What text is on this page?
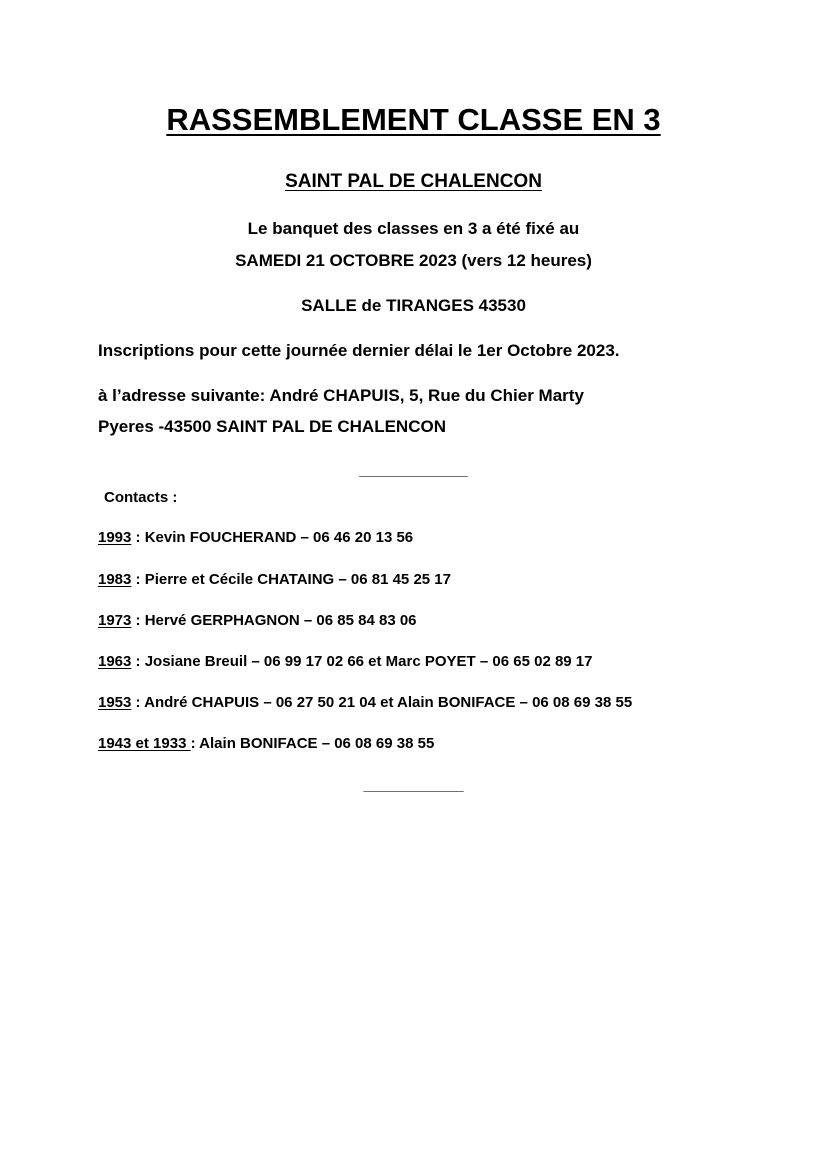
RASSEMBLEMENT CLASSE EN 3
SAINT PAL DE CHALENCON
Le banquet des classes en 3 a été fixé au
SAMEDI 21 OCTOBRE 2023 (vers 12 heures)
SALLE de TIRANGES 43530
Inscriptions pour cette journée dernier délai le 1er Octobre 2023.
à l’adresse suivante: André CHAPUIS, 5, Rue du Chier Marty
Pyeres -43500 SAINT PAL DE CHALENCON
_____________
Contacts :
1993 : Kevin FOUCHERAND – 06 46 20 13 56
1983 : Pierre et Cécile CHATAING – 06 81 45 25 17
1973 : Hervé GERPHAGNON – 06 85 84 83 06
1963 : Josiane Breuil – 06 99 17 02 66 et Marc POYET – 06 65 02 89 17
1953 : André CHAPUIS – 06 27 50 21 04 et Alain BONIFACE – 06 08 69 38 55
1943 et 1933 : Alain BONIFACE – 06 08 69 38 55
____________
